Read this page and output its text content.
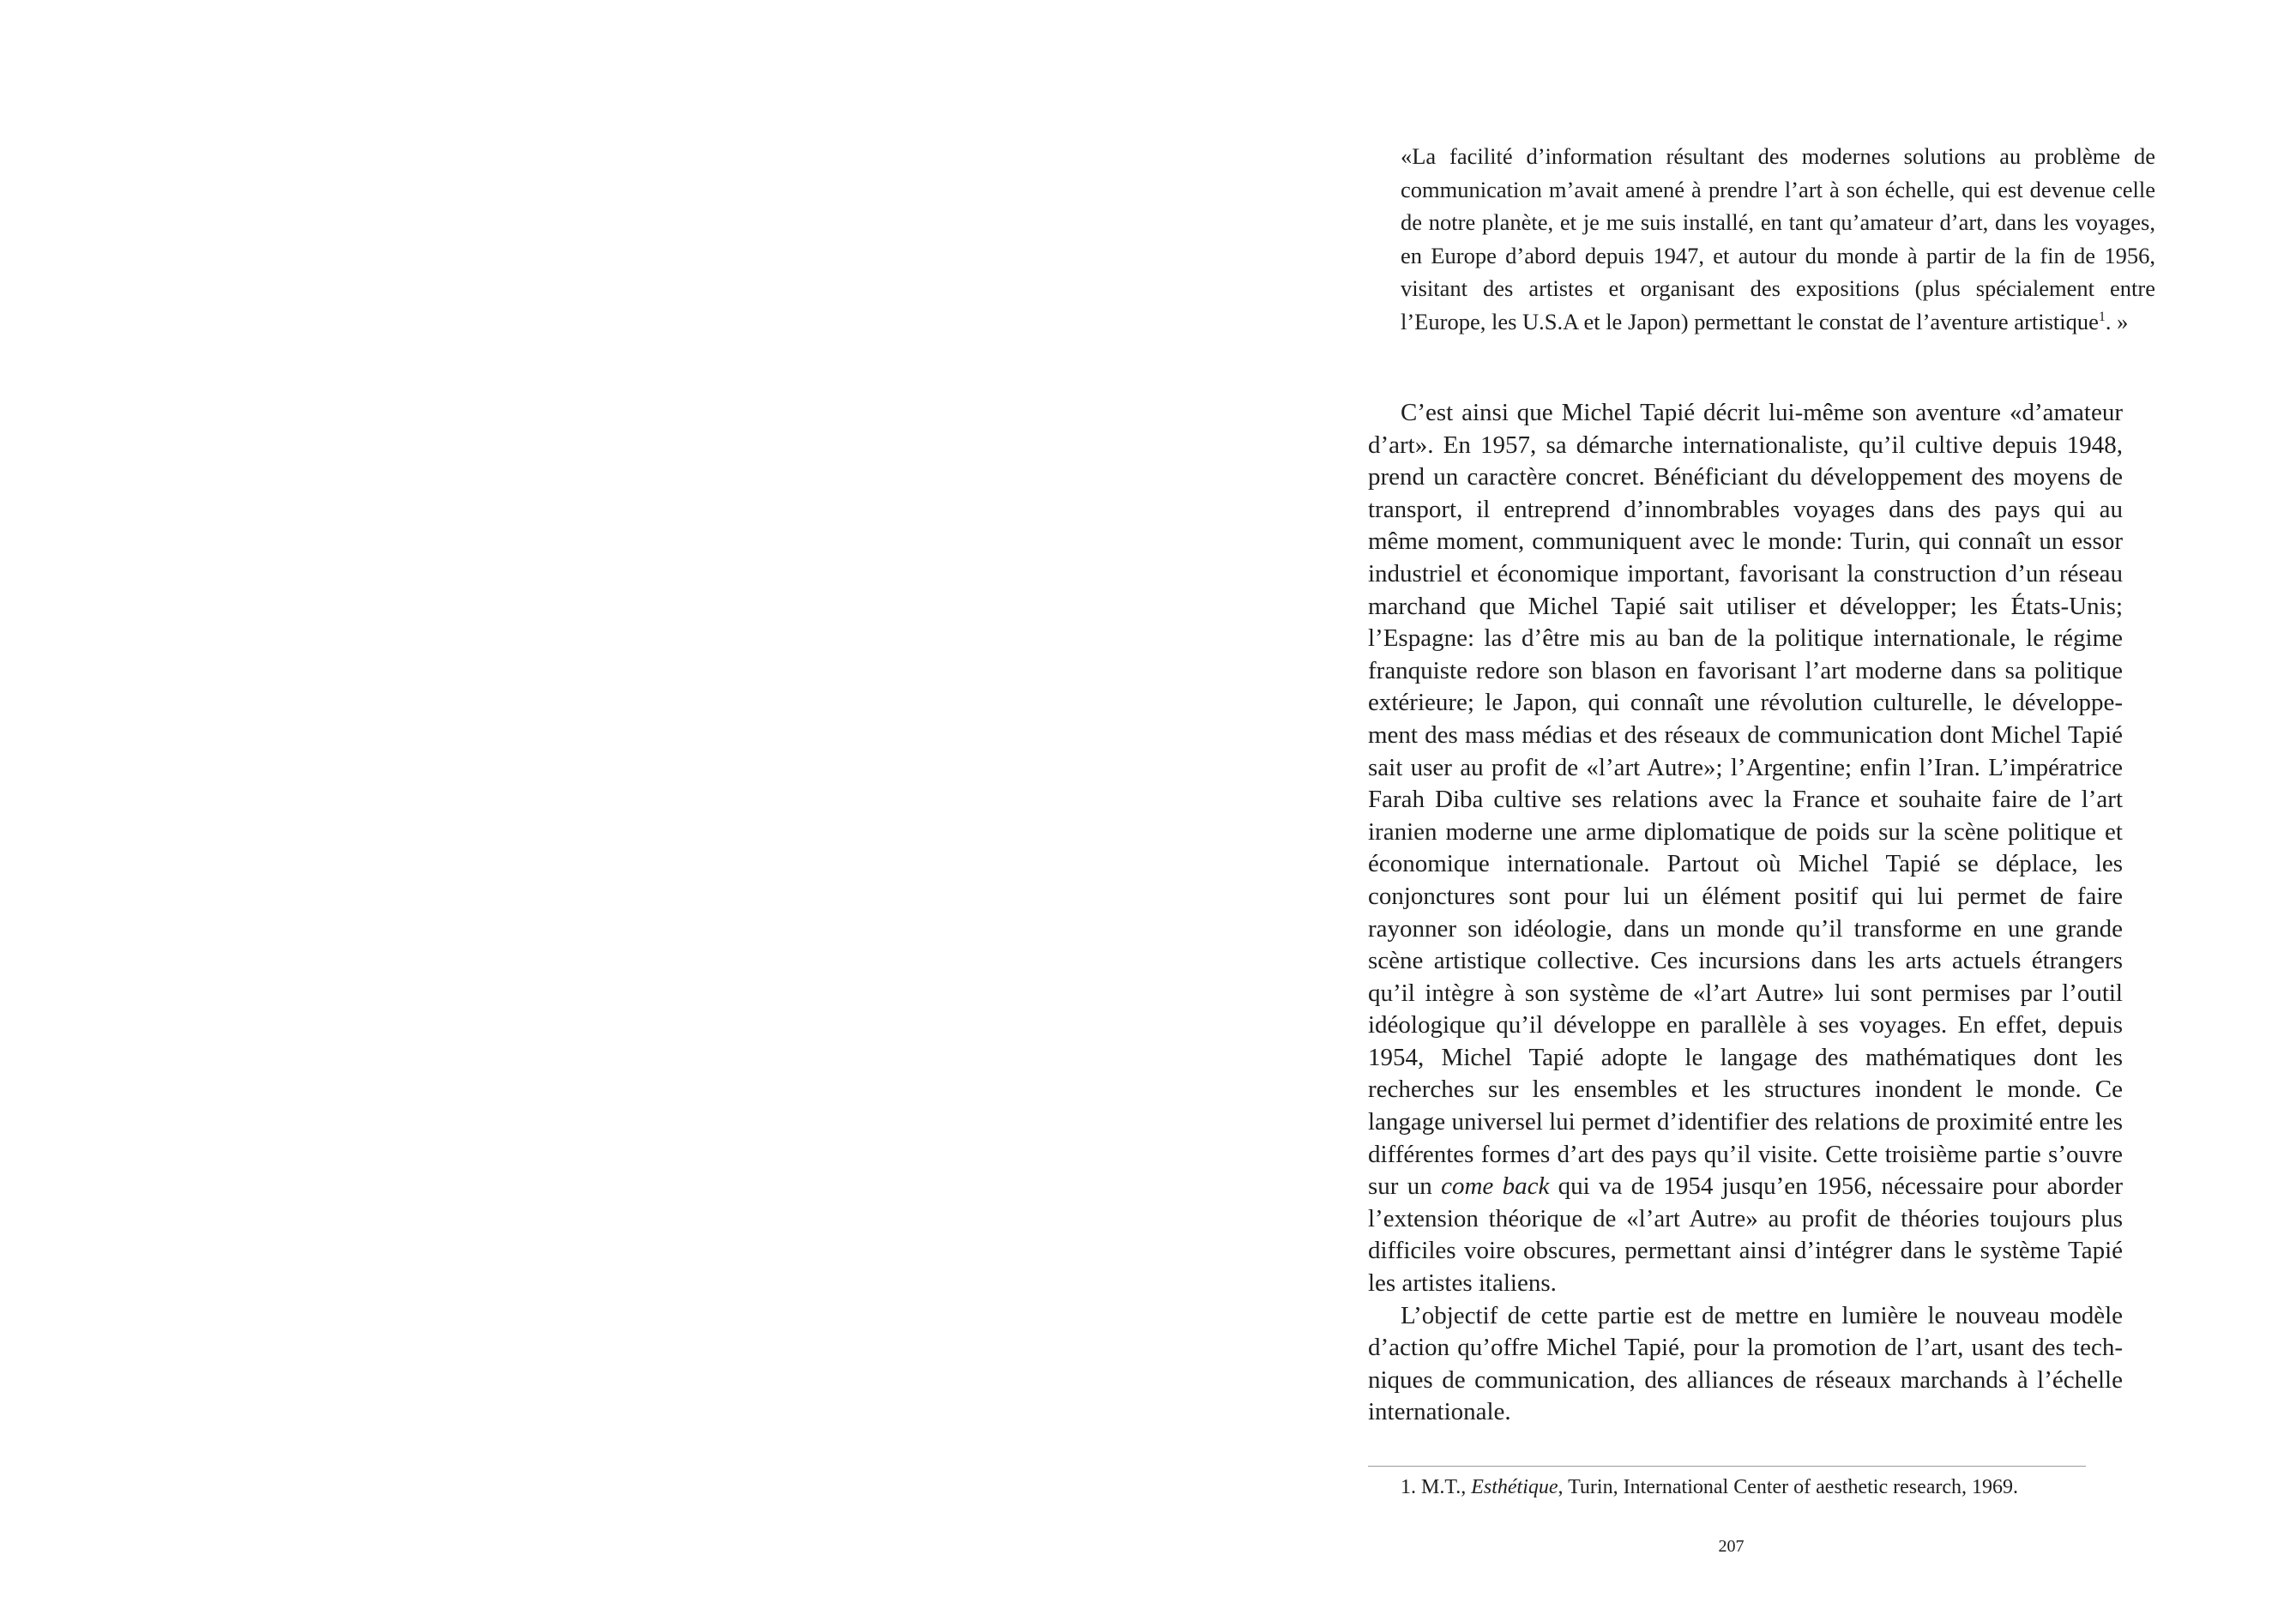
«La facilité d’information résultant des modernes solutions au problème de communication m’avait amené à prendre l’art à son échelle, qui est devenue celle de notre planète, et je me suis installé, en tant qu’amateur d’art, dans les voyages, en Europe d’abord depuis 1947, et autour du monde à partir de la fin de 1956, visitant des artistes et organisant des expositions (plus spécialement entre l’Europe, les U.S.A et le Japon) permettant le constat de l’aventure artistique$^1$. »

C’est ainsi que Michel Tapié décrit lui-même son aventure «d’amateur d’art». En 1957, sa démarche internationaliste, qu’il cultive depuis 1948, prend un caractère concret. Bénéficiant du développement des moyens de transport, il entreprend d’innombrables voyages dans des pays qui au même moment, communiquent avec le monde: Turin, qui connaît un essor industriel et économique important, favorisant la construction d’un réseau marchand que Michel Tapié sait utiliser et développer; les États-Unis; l’Espagne: las d’être mis au ban de la politique internationale, le régime franquiste redore son blason en favorisant l’art moderne dans sa politique extérieure; le Japon, qui connaît une révolution culturelle, le développement des mass médias et des réseaux de communication dont Michel Tapié sait user au profit de «l’art Autre»; l’Argentine; enfin l’Iran. L’impératrice Farah Diba cultive ses relations avec la France et souhaite faire de l’art iranien moderne une arme diplomatique de poids sur la scène politique et économique internationale. Partout où Michel Tapié se déplace, les conjonctures sont pour lui un élément positif qui lui permet de faire rayonner son idéologie, dans un monde qu’il transforme en une grande scène artistique collective. Ces incursions dans les arts actuels étrangers qu’il intègre à son système de «l’art Autre» lui sont permises par l’outil idéologique qu’il développe en parallèle à ses voyages. En effet, depuis 1954, Michel Tapié adopte le langage des mathématiques dont les recherches sur les ensembles et les structures inondent le monde. Ce langage universel lui permet d’identifier des relations de proximité entre les différentes formes d’art des pays qu’il visite. Cette troisième partie s’ouvre sur un come back qui va de 1954 jusqu’en 1956, nécessaire pour aborder l’extension théorique de «l’art Autre» au profit de théories toujours plus difficiles voire obscures, permettant ainsi d’intégrer dans le système Tapié les artistes italiens.

L’objectif de cette partie est de mettre en lumière le nouveau modèle d’action qu’offre Michel Tapié, pour la promotion de l’art, usant des techniques de communication, des alliances de réseaux marchands à l’échelle internationale.

1. M.T., Esthétique, Turin, International Center of aesthetic research, 1969.
207
